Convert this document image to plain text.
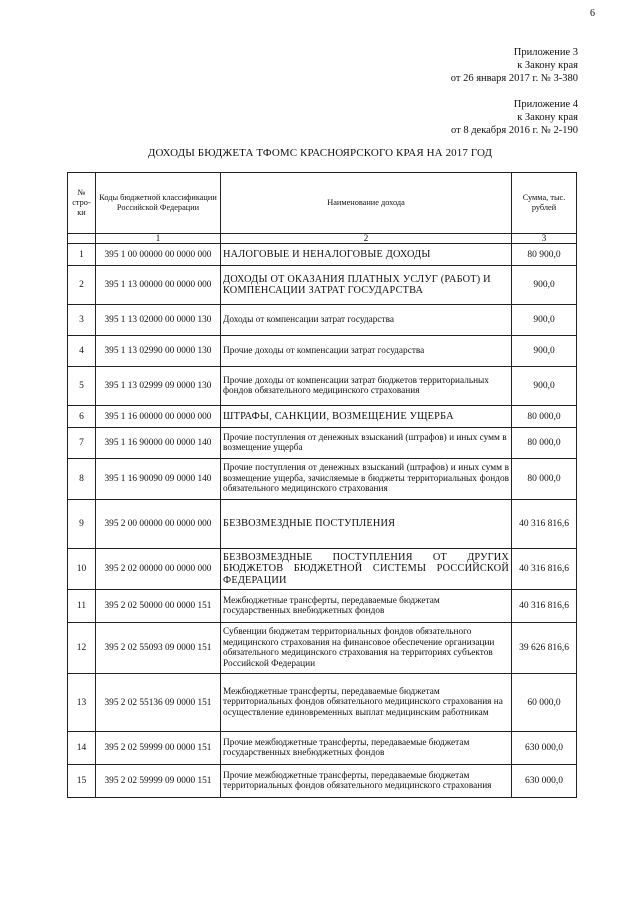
6
Приложение 3
к Закону края
от 26 января 2017 г. № 3-380
Приложение 4
к Закону края
от 8 декабря 2016 г. № 2-190
ДОХОДЫ БЮДЖЕТА ТФОМС КРАСНОЯРСКОГО КРАЯ НА 2017 ГОД
№ стро-ки	Коды бюджетной классификации Российской Федерации	Наименование дохода	Сумма, тыс. рублей
	1	2	3
1	395 1 00 00000 00 0000 000	НАЛОГОВЫЕ И НЕНАЛОГОВЫЕ ДОХОДЫ	80 900,0
2	395 1 13 00000 00 0000 000	ДОХОДЫ ОТ ОКАЗАНИЯ ПЛАТНЫХ УСЛУГ (РАБОТ) И КОМПЕНСАЦИИ ЗАТРАТ ГОСУДАРСТВА	900,0
3	395 1 13 02000 00 0000 130	Доходы от компенсации затрат государства	900,0
4	395 1 13 02990 00 0000 130	Прочие доходы от компенсации затрат государства	900,0
5	395 1 13 02999 09 0000 130	Прочие доходы от компенсации затрат бюджетов территориальных фондов обязательного медицинского страхования	900,0
6	395 1 16 00000 00 0000 000	ШТРАФЫ, САНКЦИИ, ВОЗМЕЩЕНИЕ УЩЕРБА	80 000,0
7	395 1 16 90000 00 0000 140	Прочие поступления от денежных взысканий (штрафов) и иных сумм в возмещение ущерба	80 000,0
8	395 1 16 90090 09 0000 140	Прочие поступления от денежных взысканий (штрафов) и иных сумм в возмещение ущерба, зачисляемые в бюджеты территориальных фондов обязательного медицинского страхования	80 000,0
9	395 2 00 00000 00 0000 000	БЕЗВОЗМЕЗДНЫЕ ПОСТУПЛЕНИЯ	40 316 816,6
10	395 2 02 00000 00 0000 000	БЕЗВОЗМЕЗДНЫЕ ПОСТУПЛЕНИЯ ОТ ДРУГИХ БЮДЖЕТОВ БЮДЖЕТНОЙ СИСТЕМЫ РОССИЙСКОЙ ФЕДЕРАЦИИ	40 316 816,6
11	395 2 02 50000 00 0000 151	Межбюджетные трансферты, передаваемые бюджетам государственных внебюджетных фондов	40 316 816,6
12	395 2 02 55093 09 0000 151	Субвенции бюджетам территориальных фондов обязательного медицинского страхования на финансовое обеспечение организации обязательного медицинского страхования на территориях субъектов Российской Федерации	39 626 816,6
13	395 2 02 55136 09 0000 151	Межбюджетные трансферты, передаваемые бюджетам территориальных фондов обязательного медицинского страхования на осуществление единовременных выплат медицинским работникам	60 000,0
14	395 2 02 59999 00 0000 151	Прочие межбюджетные трансферты, передаваемые бюджетам государственных внебюджетных фондов	630 000,0
15	395 2 02 59999 09 0000 151	Прочие межбюджетные трансферты, передаваемые бюджетам территориальных фондов обязательного медицинского страхования	630 000,0
